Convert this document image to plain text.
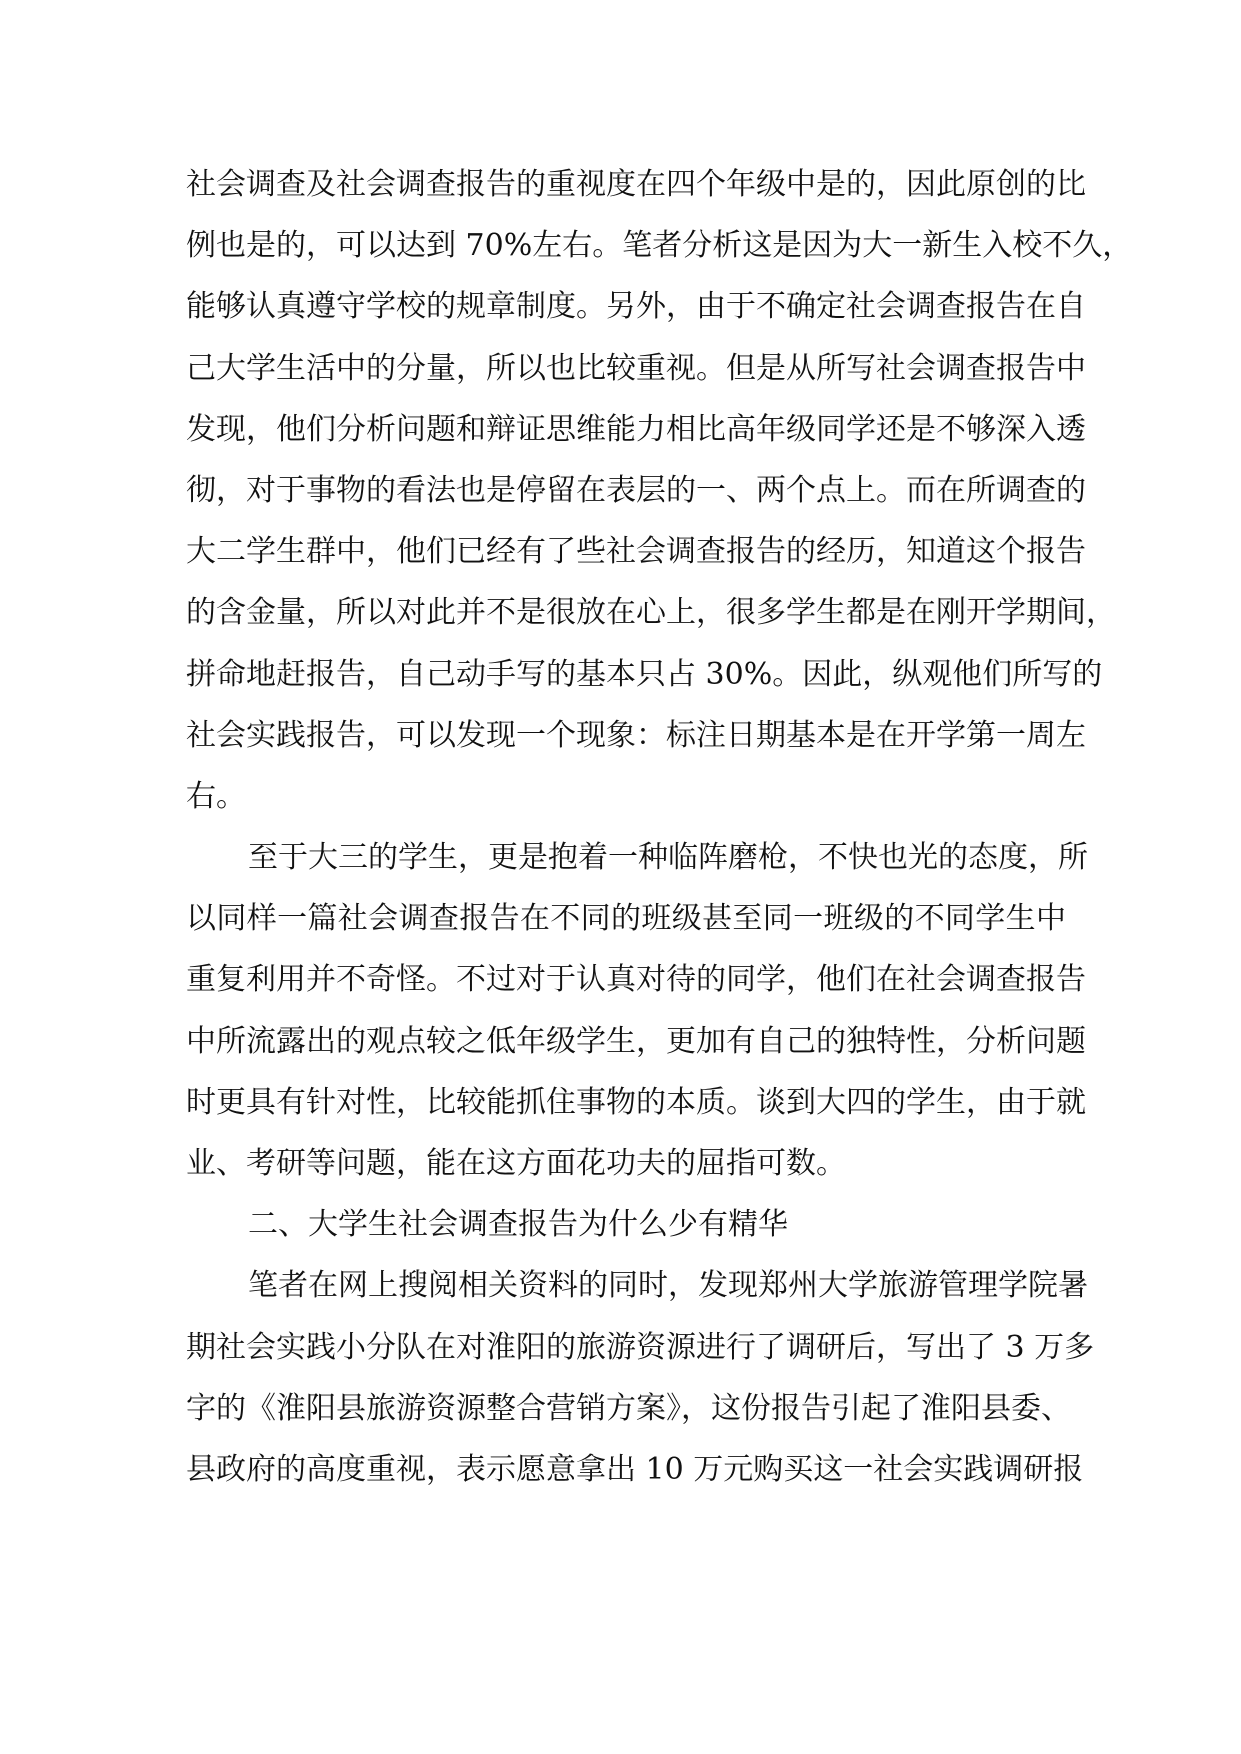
社会调查及社会调查报告的重视度在四个年级中是的，因此原创的比
例也是的，可以达到 70%左右。笔者分析这是因为大一新生入校不久，
能够认真遵守学校的规章制度。另外，由于不确定社会调查报告在自
己大学生活中的分量，所以也比较重视。但是从所写社会调查报告中
发现，他们分析问题和辩证思维能力相比高年级同学还是不够深入透
彻，对于事物的看法也是停留在表层的一、两个点上。而在所调查的
大二学生群中，他们已经有了些社会调查报告的经历，知道这个报告
的含金量，所以对此并不是很放在心上，很多学生都是在刚开学期间，
拼命地赶报告，自己动手写的基本只占 30%。因此，纵观他们所写的
社会实践报告，可以发现一个现象：标注日期基本是在开学第一周左
右。
至于大三的学生，更是抱着一种临阵磨枪，不快也光的态度，所
以同样一篇社会调查报告在不同的班级甚至同一班级的不同学生中
重复利用并不奇怪。不过对于认真对待的同学，他们在社会调查报告
中所流露出的观点较之低年级学生，更加有自己的独特性，分析问题
时更具有针对性，比较能抓住事物的本质。谈到大四的学生，由于就
业、考研等问题，能在这方面花功夫的屈指可数。
二、大学生社会调查报告为什么少有精华
笔者在网上搜阅相关资料的同时，发现郑州大学旅游管理学院暑
期社会实践小分队在对淮阳的旅游资源进行了调研后，写出了 3 万多
字的《淮阳县旅游资源整合营销方案》，这份报告引起了淮阳县委、
县政府的高度重视，表示愿意拿出 10 万元购买这一社会实践调研报
